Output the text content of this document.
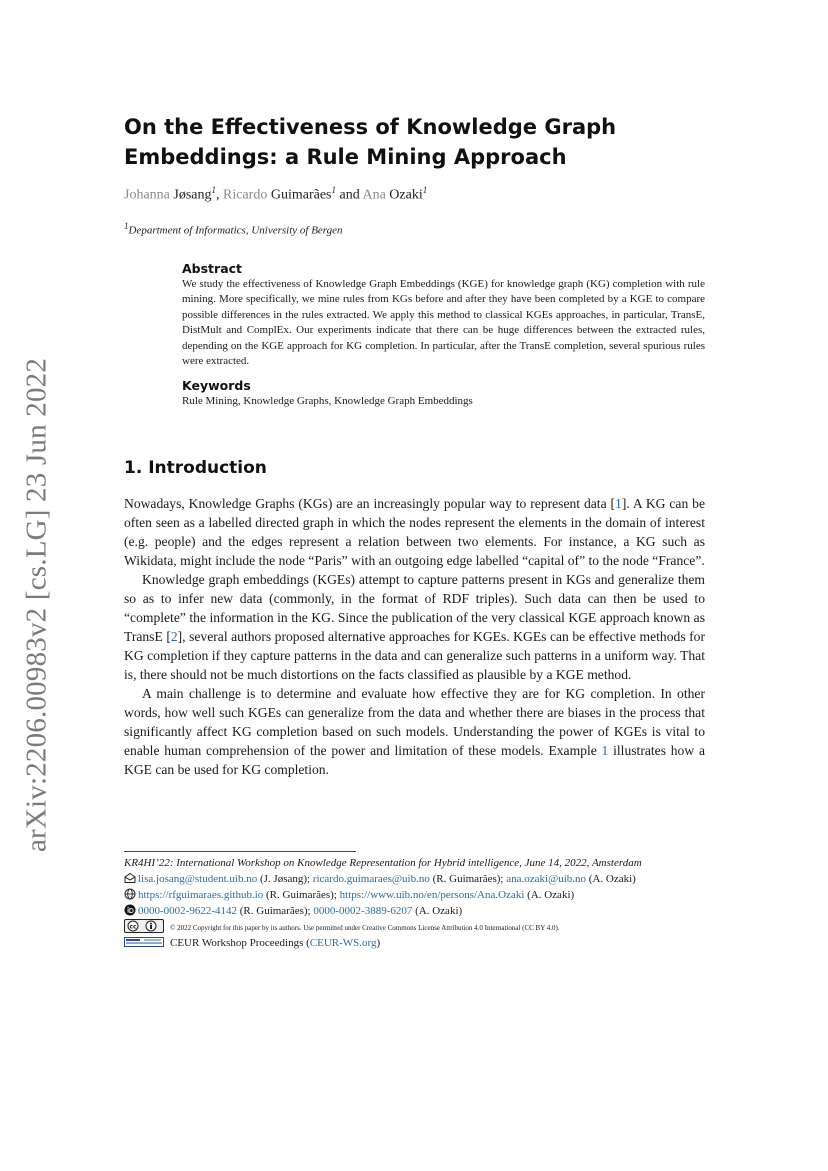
arXiv:2206.00983v2 [cs.LG] 23 Jun 2022
On the Effectiveness of Knowledge Graph Embeddings: a Rule Mining Approach
Johanna Jøsang$^1$, Ricardo Guimarães$^1$ and Ana Ozaki$^1$
$^1$Department of Informatics, University of Bergen
Abstract
We study the effectiveness of Knowledge Graph Embeddings (KGE) for knowledge graph (KG) completion with rule mining. More specifically, we mine rules from KGs before and after they have been completed by a KGE to compare possible differences in the rules extracted. We apply this method to classical KGEs approaches, in particular, TransE, DistMult and ComplEx. Our experiments indicate that there can be huge differences between the extracted rules, depending on the KGE approach for KG completion. In particular, after the TransE completion, several spurious rules were extracted.
Keywords
Rule Mining, Knowledge Graphs, Knowledge Graph Embeddings
1. Introduction

Nowadays, Knowledge Graphs (KGs) are an increasingly popular way to represent data [1]. A KG can be often seen as a labelled directed graph in which the nodes represent the elements in the domain of interest (e.g. people) and the edges represent a relation between two elements. For instance, a KG such as Wikidata, might include the node “Paris” with an outgoing edge labelled “capital of” to the node “France”.

Knowledge graph embeddings (KGEs) attempt to capture patterns present in KGs and generalize them so as to infer new data (commonly, in the format of RDF triples). Such data can then be used to “complete” the information in the KG. Since the publication of the very classical KGE approach known as TransE [2], several authors proposed alternative approaches for KGEs. KGEs can be effective methods for KG completion if they capture patterns in the data and can generalize such patterns in a uniform way. That is, there should not be much distortions on the facts classified as plausible by a KGE method.

A main challenge is to determine and evaluate how effective they are for KG completion. In other words, how well such KGEs can generalize from the data and whether there are biases in the process that significantly affect KG completion based on such models. Understanding the power of KGEs is vital to enable human comprehension of the power and limitation of these models. Example 1 illustrates how a KGE can be used for KG completion.

KR4HI’22: International Workshop on Knowledge Representation for Hybrid intelligence, June 14, 2022, Amsterdam
lisa.josang@student.uib.no (J. Jøsang); ricardo.guimaraes@uib.no (R. Guimarães); ana.ozaki@uib.no (A. Ozaki)
https://rfguimaraes.github.io (R. Guimarães); https://www.uib.no/en/persons/Ana.Ozaki (A. Ozaki)
0000-0002-9622-4142 (R. Guimarães); 0000-0002-3889-6207 (A. Ozaki)
cc	© 2022 Copyright for this paper by its authors. Use permitted under Creative Commons License Attribution 4.0 International (CC BY 4.0).
CEUR Workshop Proceedings (CEUR-WS.org)
